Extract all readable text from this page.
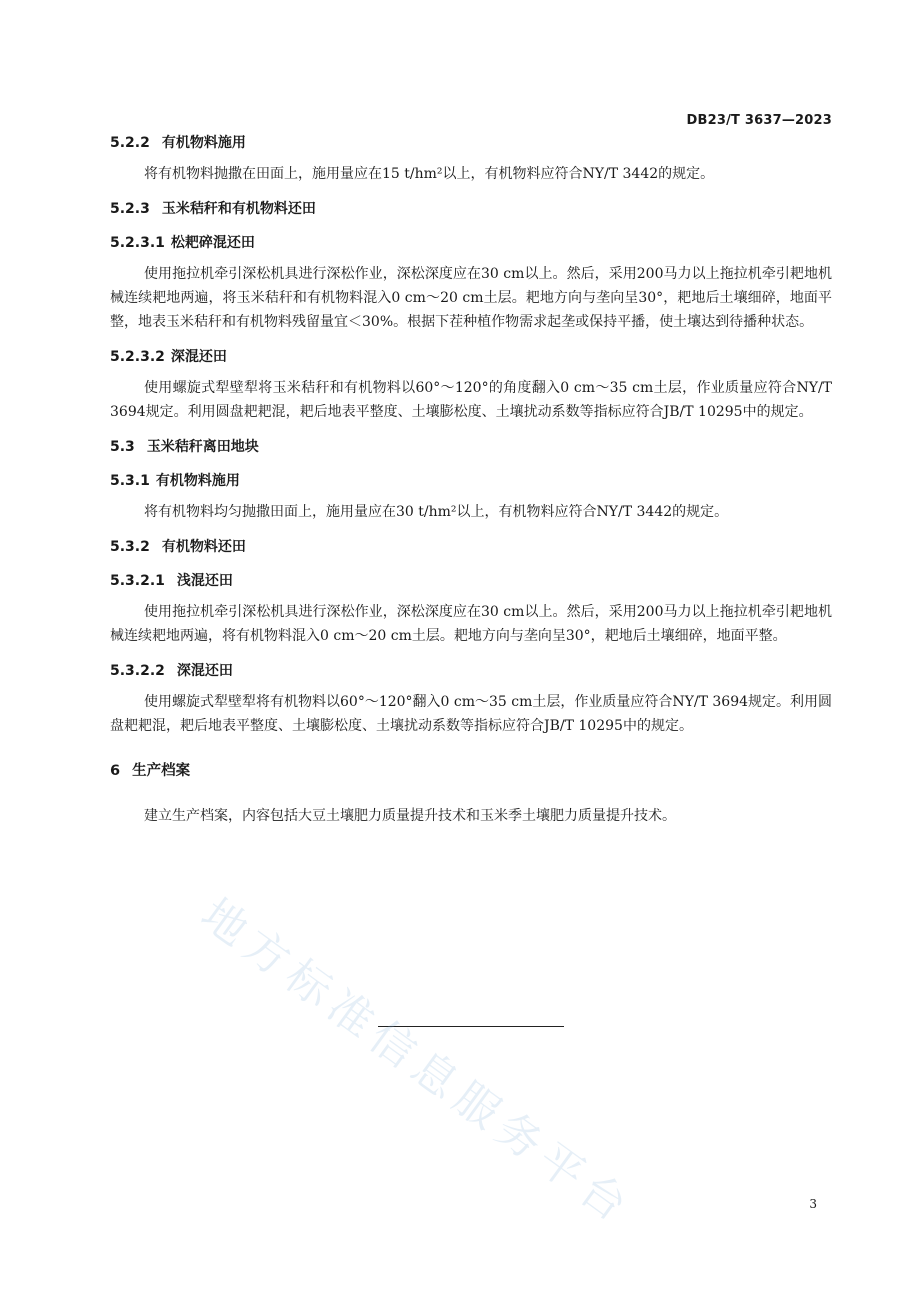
DB23/T 3637—2023
5.2.2 有机物料施用

将有机物料抛撒在田面上，施用量应在15 t/hm²以上，有机物料应符合NY/T 3442的规定。

5.2.3 玉米秸秆和有机物料还田
5.2.3.1 松耙碎混还田

使用拖拉机牵引深松机具进行深松作业，深松深度应在30 cm以上。然后，采用200马力以上拖拉机牵引耙地机械连续耙地两遍，将玉米秸秆和有机物料混入0 cm～20 cm土层。耙地方向与垄向呈30°，耙地后土壤细碎，地面平整，地表玉米秸秆和有机物料残留量宜＜30%。根据下茬种植作物需求起垄或保持平播，使土壤达到待播种状态。

5.2.3.2 深混还田

使用螺旋式犁壁犁将玉米秸秆和有机物料以60°～120°的角度翻入0 cm～35 cm土层，作业质量应符合NY/T 3694规定。利用圆盘耙耙混，耙后地表平整度、土壤膨松度、土壤扰动系数等指标应符合JB/T 10295中的规定。

5.3 玉米秸秆离田地块
5.3.1 有机物料施用

将有机物料均匀抛撒田面上，施用量应在30 t/hm²以上，有机物料应符合NY/T 3442的规定。

5.3.2 有机物料还田
5.3.2.1 浅混还田

使用拖拉机牵引深松机具进行深松作业，深松深度应在30 cm以上。然后，采用200马力以上拖拉机牵引耙地机械连续耙地两遍，将有机物料混入0 cm～20 cm土层。耙地方向与垄向呈30°，耙地后土壤细碎，地面平整。

5.3.2.2 深混还田

使用螺旋式犁壁犁将有机物料以60°～120°翻入0 cm～35 cm土层，作业质量应符合NY/T 3694规定。利用圆盘耙耙混，耙后地表平整度、土壤膨松度、土壤扰动系数等指标应符合JB/T 10295中的规定。

6 生产档案

建立生产档案，内容包括大豆土壤肥力质量提升技术和玉米季土壤肥力质量提升技术。

3
地方标准信息服务平台
